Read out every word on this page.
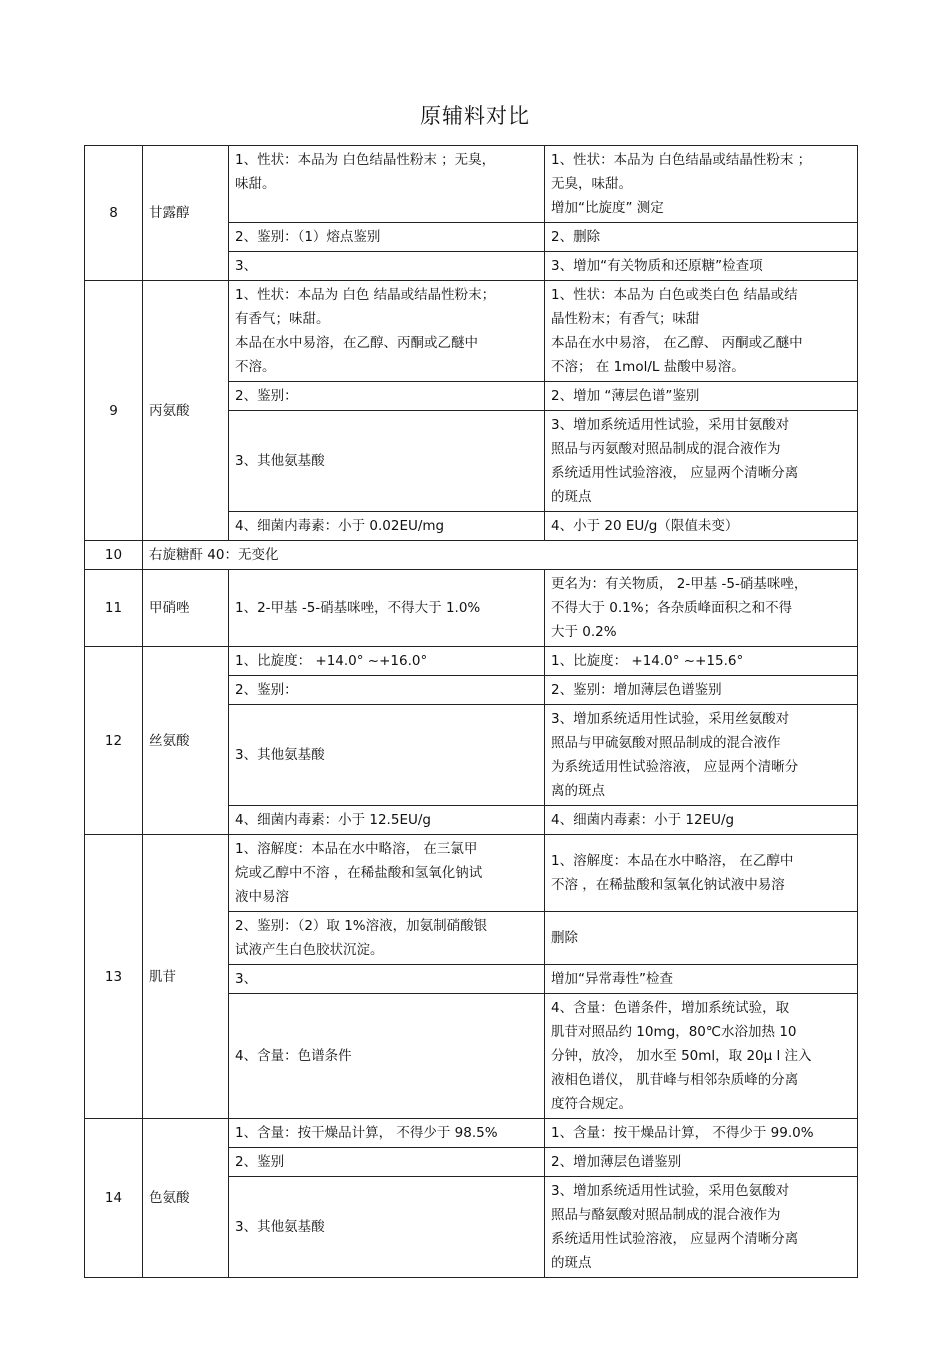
原辅料对比
8	甘露醇	1、性状：本品为 白色结晶性粉末 ；无臭，
味甜。	1、性状：本品为 白色结晶或结晶性粉末 ；
无臭，味甜。
增加“比旋度” 测定

		2、鉴别：（1）熔点鉴别	2、删除
		3、	3、增加“有关物质和还原糖”检查项
9	丙氨酸	1、性状：本品为 白色 结晶或结晶性粉末；
有香气；味甜。
本品在水中易溶，在乙醇、丙酮或乙醚中
不溶。	1、性状：本品为 白色或类白色 结晶或结
晶性粉末；有香气；味甜
本品在水中易溶， 在乙醇、 丙酮或乙醚中
不溶； 在 1mol/L 盐酸中易溶。

		2、鉴别：	2、增加 “薄层色谱”鉴别
		3、其他氨基酸	3、增加系统适用性试验，采用甘氨酸对
照品与丙氨酸对照品制成的混合液作为
系统适用性试验溶液， 应显两个清晰分离
的斑点

		4、细菌内毒素：小于 0.02EU/mg	4、小于 20 EU/g（限值未变）
10	右旋糖酐 40：无变化		
11	甲硝唑	1、2-甲基 -5-硝基咪唑，不得大于 1.0%	更名为：有关物质， 2-甲基 -5-硝基咪唑，
不得大于 0.1%；各杂质峰面积之和不得
大于 0.2%

12	丝氨酸	1、比旋度： +14.0° ~+16.0°	1、比旋度： +14.0° ~+15.6°
		2、鉴别：	2、鉴别：增加薄层色谱鉴别
		3、其他氨基酸	3、增加系统适用性试验，采用丝氨酸对
照品与甲硫氨酸对照品制成的混合液作
为系统适用性试验溶液， 应显两个清晰分
离的斑点

		4、细菌内毒素：小于 12.5EU/g	4、细菌内毒素：小于 12EU/g
13	肌苷	1、溶解度：本品在水中略溶， 在三氯甲
烷或乙醇中不溶 ，在稀盐酸和氢氧化钠试
液中易溶	1、溶解度：本品在水中略溶， 在乙醇中
不溶 ，在稀盐酸和氢氧化钠试液中易溶

		2、鉴别：（2）取 1%溶液，加氨制硝酸银
试液产生白色胶状沉淀。	删除
		3、	增加“异常毒性”检查
		4、含量：色谱条件	4、含量：色谱条件，增加系统试验，取
肌苷对照品约 10mg，80℃水浴加热 10
分钟，放冷， 加水至 50ml，取 20μ l 注入
液相色谱仪， 肌苷峰与相邻杂质峰的分离
度符合规定。

14	色氨酸	1、含量：按干燥品计算， 不得少于 98.5%	1、含量：按干燥品计算， 不得少于 99.0%
		2、鉴别	2、增加薄层色谱鉴别
		3、其他氨基酸	3、增加系统适用性试验，采用色氨酸对
照品与酪氨酸对照品制成的混合液作为
系统适用性试验溶液， 应显两个清晰分离
的斑点
